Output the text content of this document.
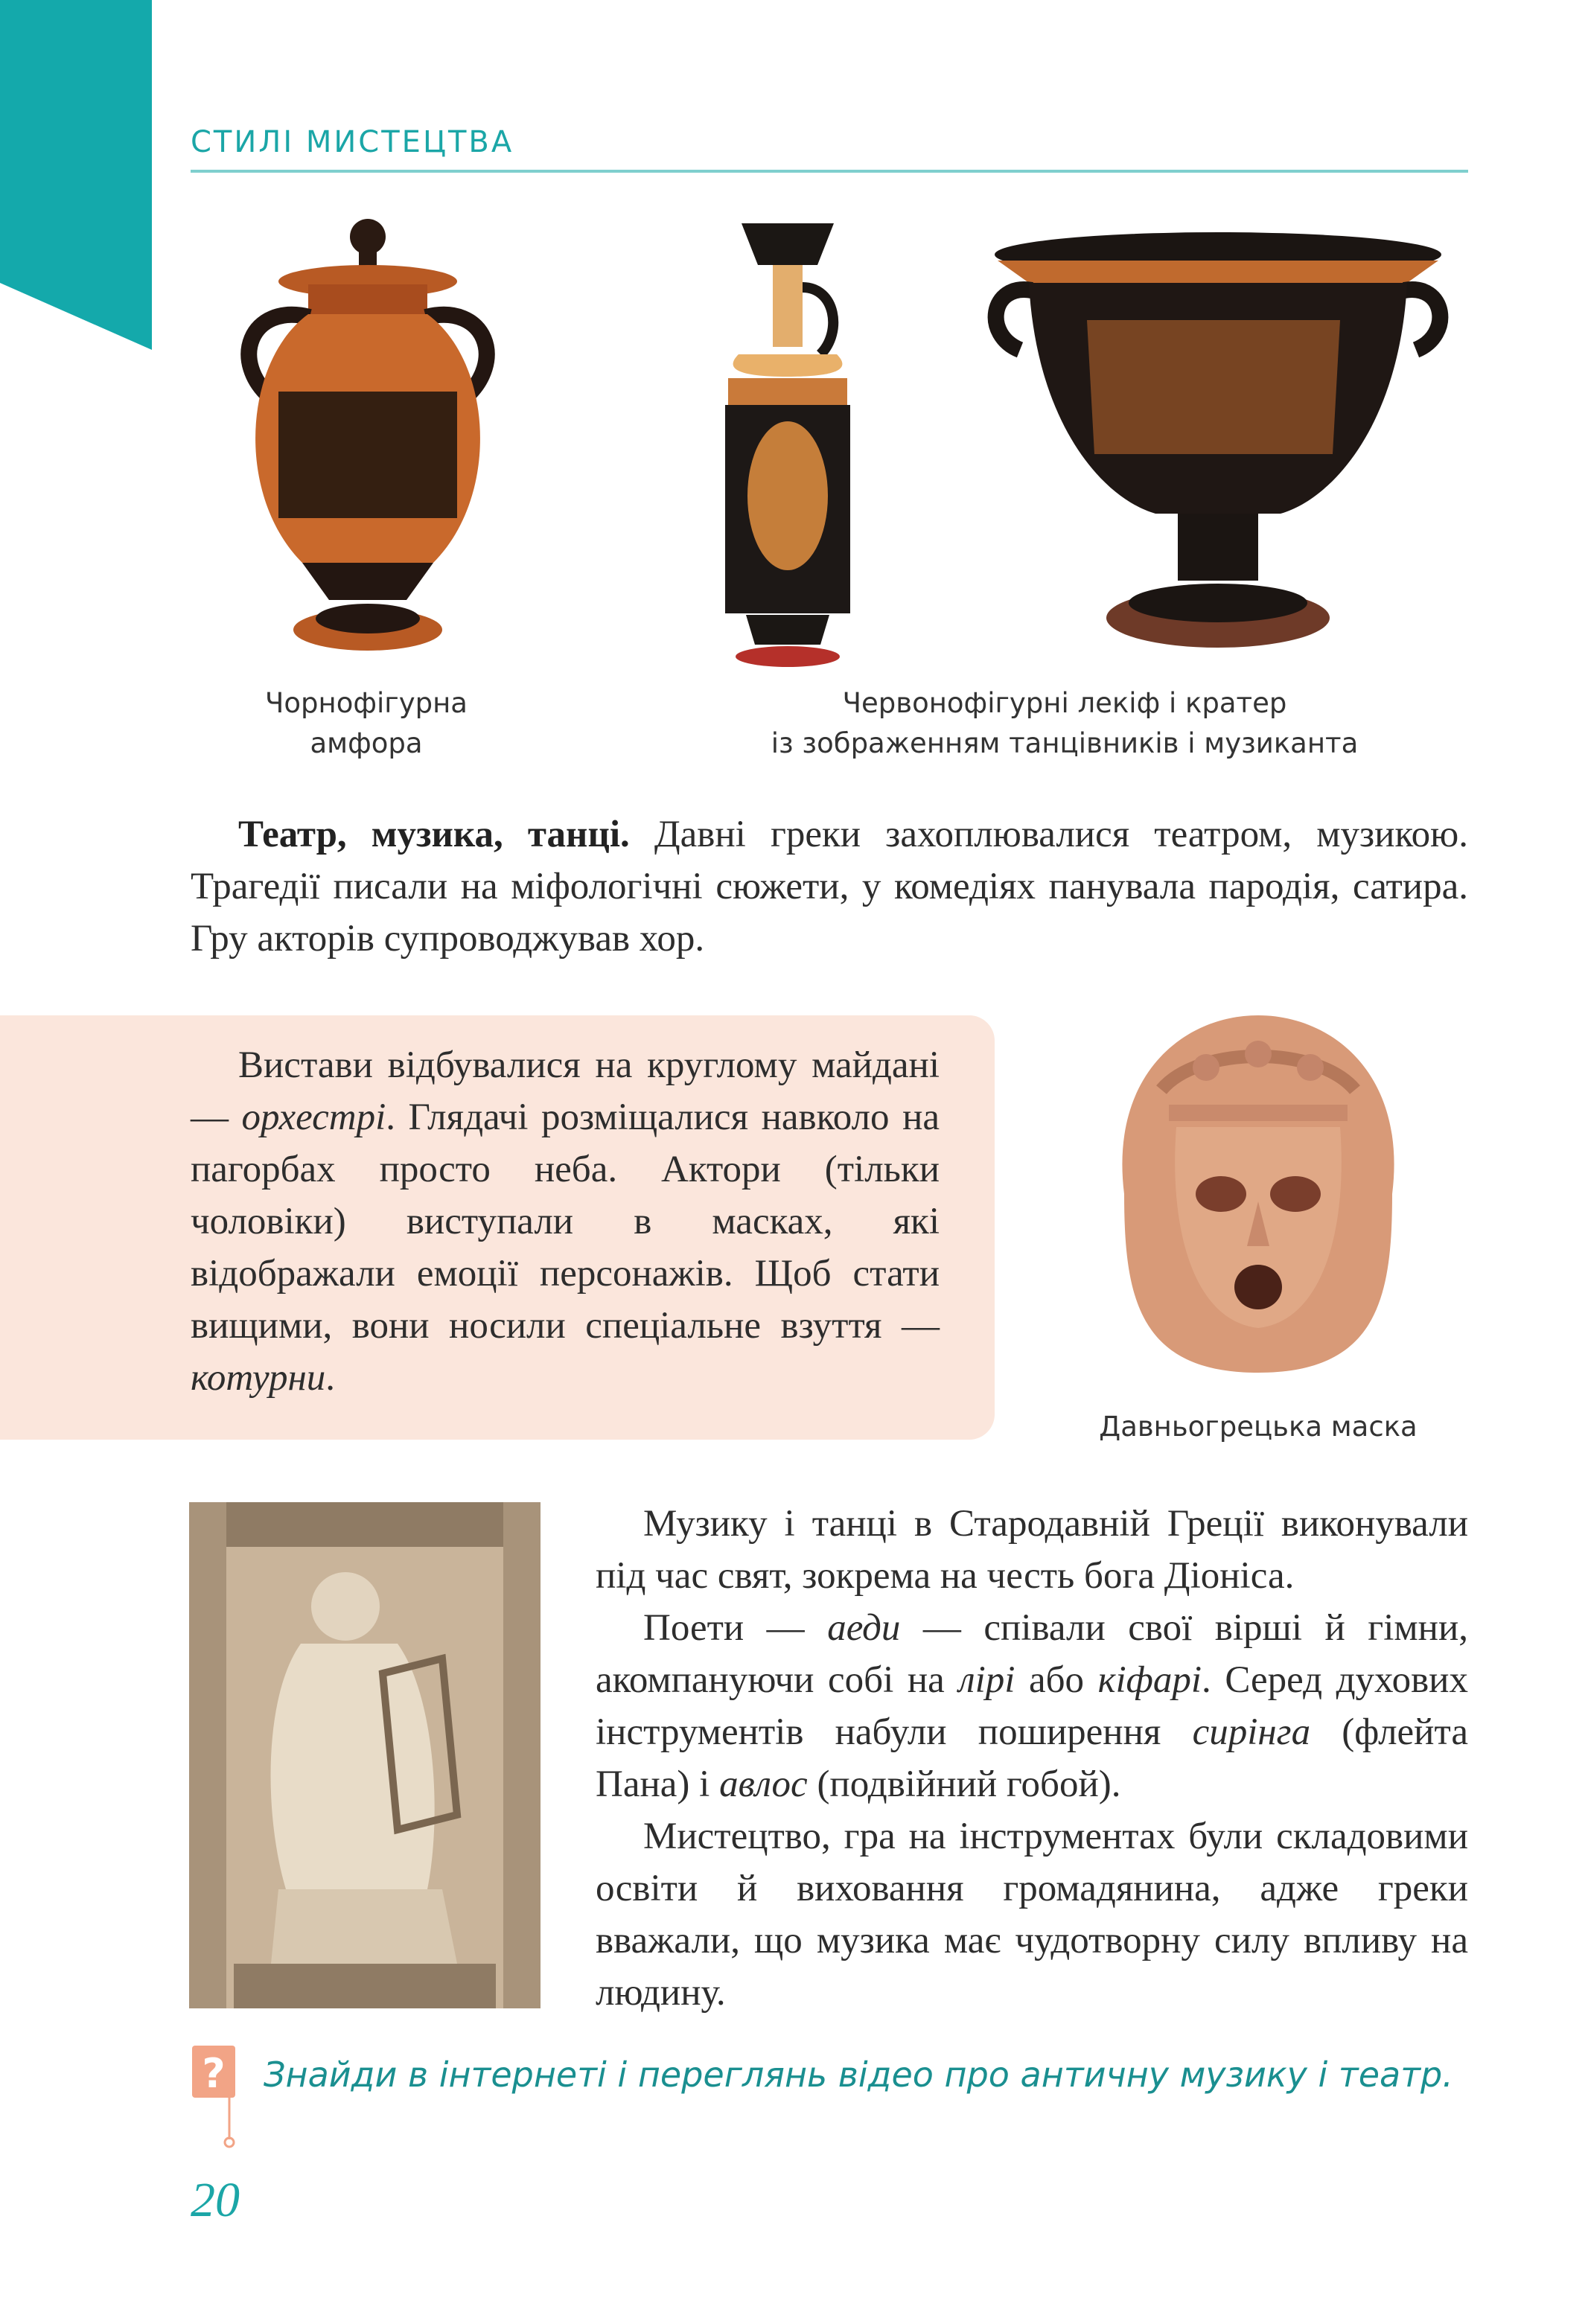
СТИЛІ МИСТЕЦТВА
Чорнофігурна
амфора
Червонофігурні лекіф і кратер
із зображенням танцівників і музиканта

Театр, музика, танці. Давні греки захоплювалися театром, музикою. Трагедії писали на міфологічні сюжети, у комедіях панувала пародія, сатира. Гру акторів супроводжував хор.

Вистави відбувалися на круглому майдані — орхестрі. Глядачі розміщалися навколо на пагорбах просто неба. Актори (тільки чоловіки) виступали в масках, які відображали емоції персонажів. Щоб стати вищими, вони носили спеціальне взуття — котурни.

Давньогрецька маска

Музику і танці в Стародавній Греції виконували під час свят, зокрема на честь бога Діоніса.

Поети — аеди — співали свої вірші й гімни, акомпануючи собі на лірі або кіфарі. Серед духових інструментів набули поширення сирінга (флейта Пана) і авлос (подвійний гобой).

Мистецтво, гра на інструментах були складовими освіти й виховання громадянина, адже греки вважали, що музика має чудотворну силу впливу на людину.

? Знайди в інтернеті і переглянь відео про античну музику і театр.
20
